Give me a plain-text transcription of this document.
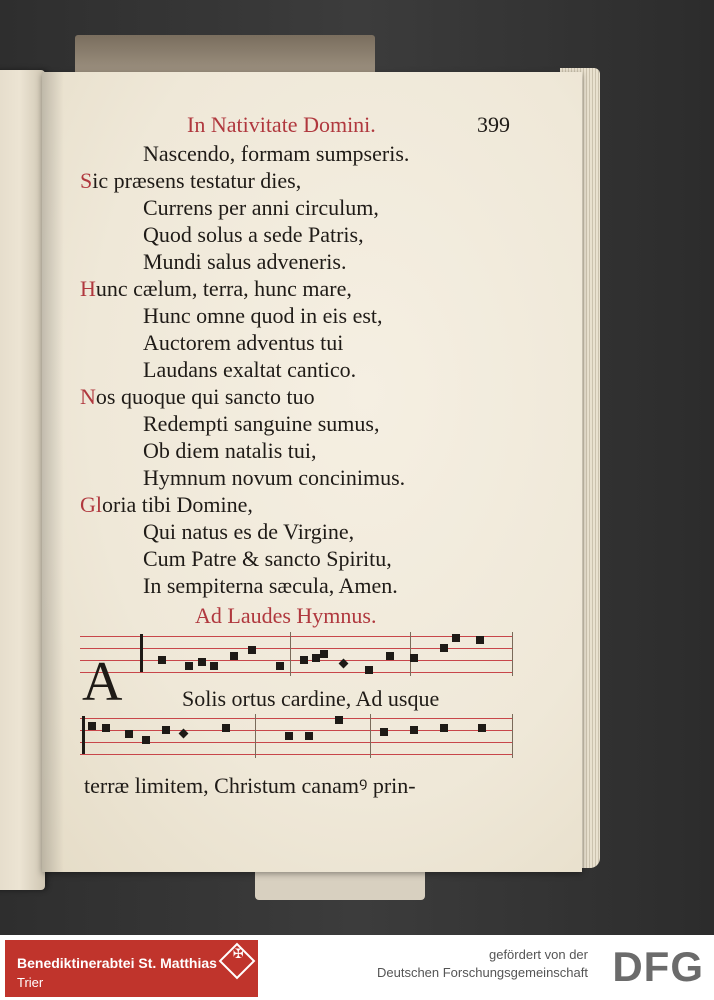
In Nativitate Domini.	399
Nascendo, formam sumpseris.
Sic præsens testatur dies,
Currens per anni circulum,
Quod solus a sede Patris,
Mundi salus adveneris.
Hunc cælum, terra, hunc mare,
Hunc omne quod in eis est,
Auctorem adventus tui
Laudans exaltat cantico.
Nos quoque qui sancto tuo
Redempti sanguine sumus,
Ob diem natalis tui,
Hymnum novum concinimus.
Gloria tibi Domine,
Qui natus es de Virgine,
Cum Patre & sancto Spiritu,
In sempiterna sæcula, Amen.
Ad Laudes Hymnus.
A	Solis ortus cardine, Ad usque
terræ limitem, Christum canamꝰ prin-
Benediktinerabtei St. Matthias
Trier
✠	gefördert von der
Deutschen Forschungsgemeinschaft DFG
